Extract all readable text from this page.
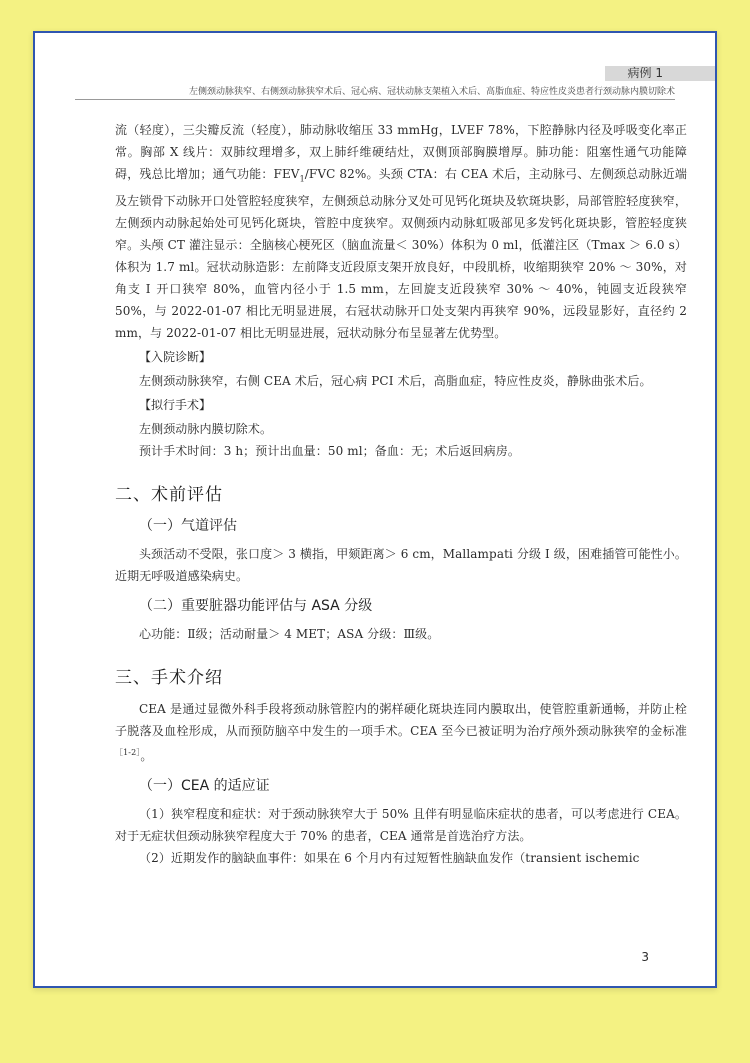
病例 1
左侧颈动脉狭窄、右侧颈动脉狭窄术后、冠心病、冠状动脉支架植入术后、高脂血症、特应性皮炎患者行颈动脉内膜切除术

流（轻度），三尖瓣反流（轻度），肺动脉收缩压 33 mmHg，LVEF 78%，下腔静脉内径及呼吸变化率正常。胸部 X 线片：双肺纹理增多，双上肺纤维硬结灶，双侧顶部胸膜增厚。肺功能：阻塞性通气功能障碍，残总比增加；通气功能：$FEV_1$/FVC 82%。头颈 CTA：右 CEA 术后，主动脉弓、左侧颈总动脉近端及左锁骨下动脉开口处管腔轻度狭窄，左侧颈总动脉分叉处可见钙化斑块及软斑块影，局部管腔轻度狭窄，左侧颈内动脉起始处可见钙化斑块，管腔中度狭窄。双侧颈内动脉虹吸部见多发钙化斑块影，管腔轻度狭窄。头颅 CT 灌注显示：全脑核心梗死区（脑血流量＜ 30%）体积为 0 ml，低灌注区（Tmax ＞ 6.0 s）体积为 1.7 ml。冠状动脉造影：左前降支近段原支架开放良好，中段肌桥，收缩期狭窄 20% ～ 30%，对角支 Ⅰ 开口狭窄 80%，血管内径小于 1.5 mm，左回旋支近段狭窄 30% ～ 40%，钝圆支近段狭窄 50%，与 2022-01-07 相比无明显进展，右冠状动脉开口处支架内再狭窄 90%，远段显影好，直径约 2 mm，与 2022-01-07 相比无明显进展，冠状动脉分布呈显著左优势型。

【入院诊断】

左侧颈动脉狭窄，右侧 CEA 术后，冠心病 PCI 术后，高脂血症，特应性皮炎，静脉曲张术后。

【拟行手术】

左侧颈动脉内膜切除术。

预计手术时间：3 h；预计出血量：50 ml；备血：无；术后返回病房。

二、术前评估
（一）气道评估

头颈活动不受限，张口度＞ 3 横指，甲颏距离＞ 6 cm，Mallampati 分级 Ⅰ 级，困难插管可能性小。近期无呼吸道感染病史。

（二）重要脏器功能评估与 ASA 分级

心功能：Ⅱ级；活动耐量＞ 4 MET；ASA 分级：Ⅲ级。

三、手术介绍

CEA 是通过显微外科手段将颈动脉管腔内的粥样硬化斑块连同内膜取出，使管腔重新通畅，并防止栓子脱落及血栓形成，从而预防脑卒中发生的一项手术。CEA 至今已被证明为治疗颅外颈动脉狭窄的金标准$^{[1-2]}$。

（一）CEA 的适应证

（1）狭窄程度和症状：对于颈动脉狭窄大于 50% 且伴有明显临床症状的患者，可以考虑进行 CEA。对于无症状但颈动脉狭窄程度大于 70% 的患者，CEA 通常是首选治疗方法。

（2）近期发作的脑缺血事件：如果在 6 个月内有过短暂性脑缺血发作（transient ischemic

3
